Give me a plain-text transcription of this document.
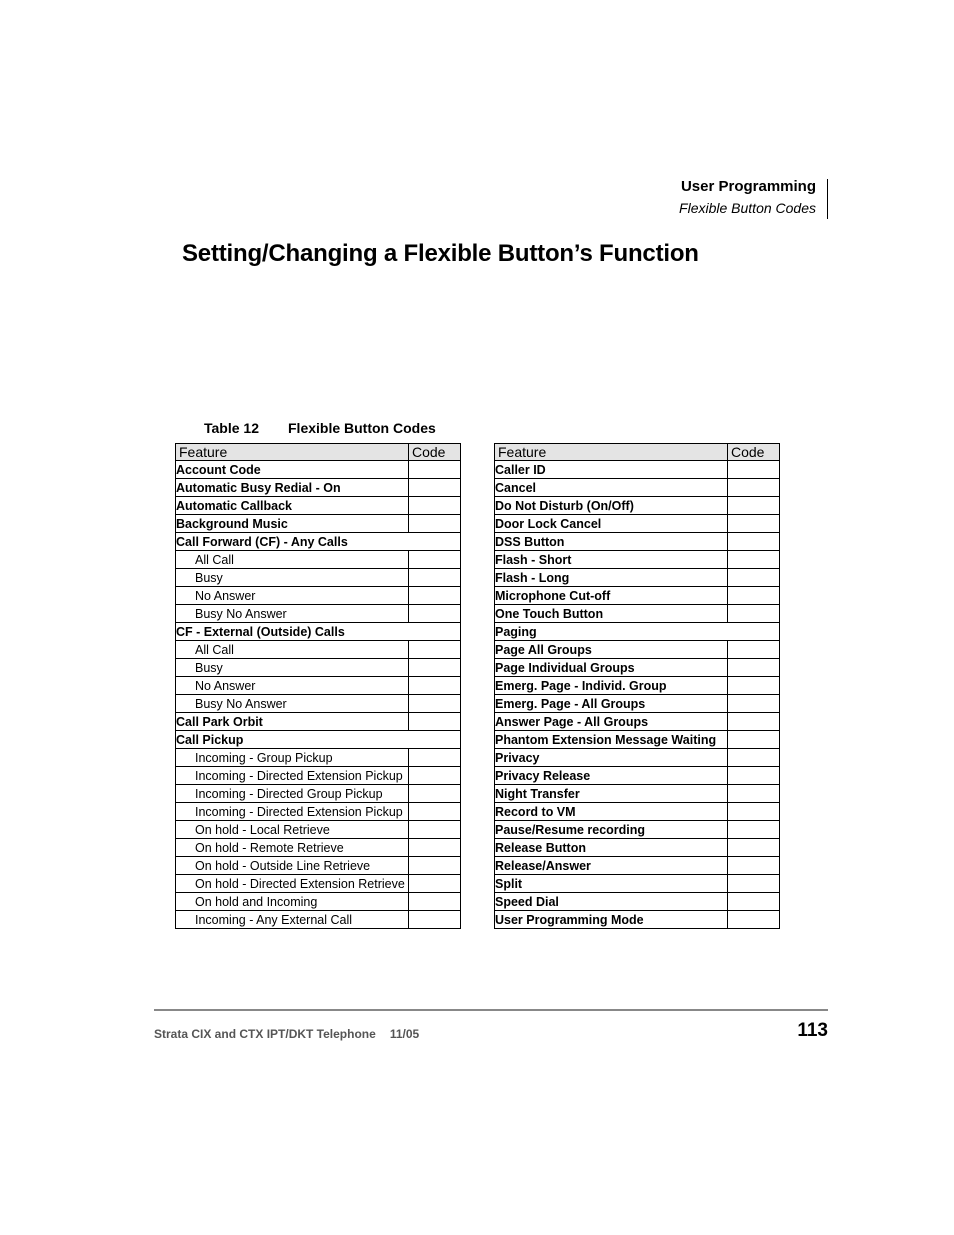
User Programming
Flexible Button Codes
Setting/Changing a Flexible Button’s Function
Table 12 Flexible Button Codes
Feature	Code
Account Code	
Automatic Busy Redial - On	
Automatic Callback	
Background Music	
Call Forward (CF) - Any Calls	
All Call	
Busy	
No Answer	
Busy No Answer	
CF - External (Outside) Calls	
All Call	
Busy	
No Answer	
Busy No Answer	
Call Park Orbit	
Call Pickup	
Incoming - Group Pickup	
Incoming - Directed Extension Pickup	
Incoming - Directed Group Pickup	
Incoming - Directed Extension Pickup	
On hold - Local Retrieve	
On hold - Remote Retrieve	
On hold - Outside Line Retrieve	
On hold - Directed Extension Retrieve	
On hold and Incoming	
Incoming - Any External Call	
Feature	Code
Caller ID	
Cancel	
Do Not Disturb (On/Off)	
Door Lock Cancel	
DSS Button	
Flash - Short	
Flash - Long	
Microphone Cut-off	
One Touch Button	
Paging	
Page All Groups	
Page Individual Groups	
Emerg. Page - Individ. Group	
Emerg. Page - All Groups	
Answer Page - All Groups	
Phantom Extension Message Waiting	
Privacy	
Privacy Release	
Night Transfer	
Record to VM	
Pause/Resume recording	
Release Button	
Release/Answer	
Split	
Speed Dial	
User Programming Mode	
Strata CIX and CTX IPT/DKT Telephone 11/05	113
